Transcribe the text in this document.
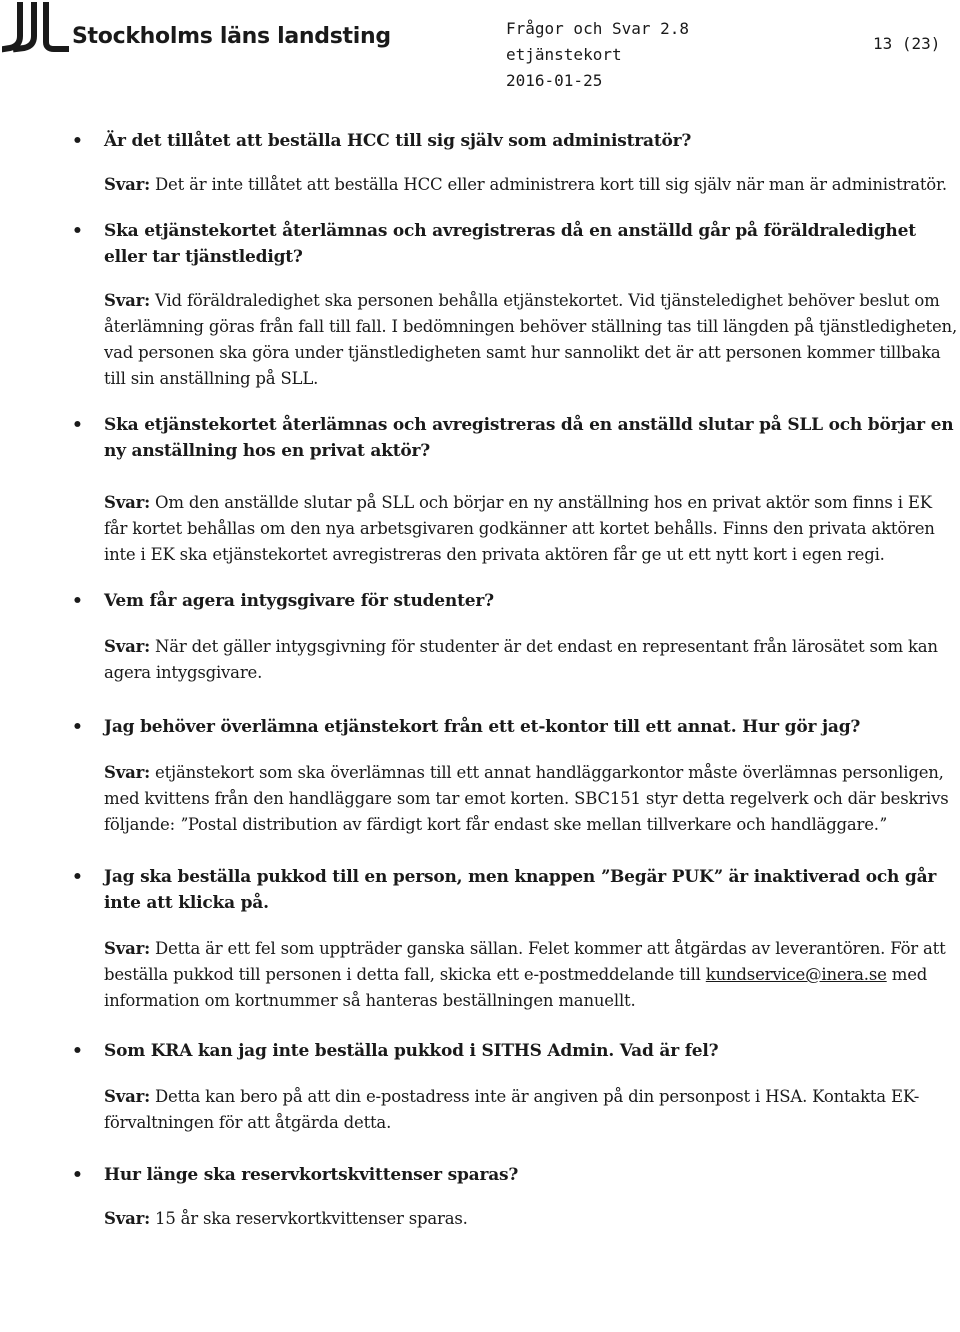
Stockholms läns landsting	Frågor och Svar 2.8
etjänstekort
2016-01-25
13 (23)

• Är det tillåtet att beställa HCC till sig själv som administratör?

Svar: Det är inte tillåtet att beställa HCC eller administrera kort till sig själv när man är administratör.

• Ska etjänstekortet återlämnas och avregistreras då en anställd går på föräldraledighet eller tar tjänstledigt?

Svar: Vid föräldraledighet ska personen behålla etjänstekortet. Vid tjänsteledighet behöver beslut om återlämning göras från fall till fall. I bedömningen behöver ställning tas till längden på tjänstledigheten, vad personen ska göra under tjänstledigheten samt hur sannolikt det är att personen kommer tillbaka till sin anställning på SLL.

• Ska etjänstekortet återlämnas och avregistreras då en anställd slutar på SLL och börjar en ny anställning hos en privat aktör?

Svar: Om den anställde slutar på SLL och börjar en ny anställning hos en privat aktör som finns i EK får kortet behållas om den nya arbetsgivaren godkänner att kortet behålls. Finns den privata aktören inte i EK ska etjänstekortet avregistreras den privata aktören får ge ut ett nytt kort i egen regi.

• Vem får agera intygsgivare för studenter?

Svar: När det gäller intygsgivning för studenter är det endast en representant från lärosätet som kan agera intygsgivare.

• Jag behöver överlämna etjänstekort från ett et-kontor till ett annat. Hur gör jag?

Svar: etjänstekort som ska överlämnas till ett annat handläggarkontor måste överlämnas personligen, med kvittens från den handläggare som tar emot korten. SBC151 styr detta regelverk och där beskrivs följande: ˮPostal distribution av färdigt kort får endast ske mellan tillverkare och handläggare.ˮ

• Jag ska beställa pukkod till en person, men knappen ˮBegär PUKˮ är inaktiverad och går inte att klicka på.

Svar: Detta är ett fel som uppträder ganska sällan. Felet kommer att åtgärdas av leverantören. För att beställa pukkod till personen i detta fall, skicka ett e-postmeddelande till kundservice@inera.se med information om kortnummer så hanteras beställningen manuellt.

• Som KRA kan jag inte beställa pukkod i SITHS Admin. Vad är fel?

Svar: Detta kan bero på att din e-postadress inte är angiven på din personpost i HSA. Kontakta EK-förvaltningen för att åtgärda detta.

• Hur länge ska reservkortskvittenser sparas?

Svar: 15 år ska reservkortkvittenser sparas.
